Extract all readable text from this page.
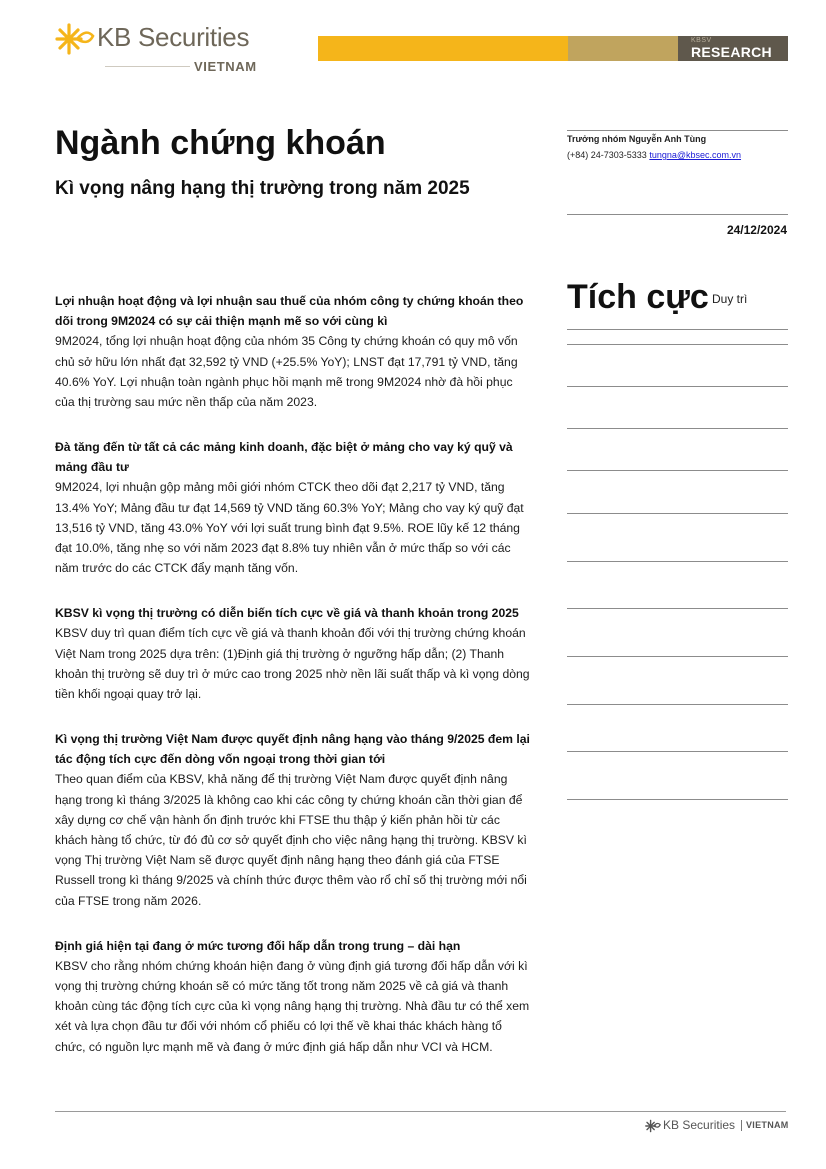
KB Securities
VIETNAM
KBSV
RESEARCH
Ngành chứng khoán
Kì vọng nâng hạng thị trường trong năm 2025
Trưởng nhóm Nguyễn Anh Tùng
(+84) 24-7303-5333 tungna@kbsec.com.vn
24/12/2024
Tích cực Duy trì
Lợi nhuận hoạt động và lợi nhuận sau thuế của nhóm công ty chứng khoán theo dõi trong 9M2024 có sự cải thiện mạnh mẽ so với cùng kì

9M2024, tổng lợi nhuận hoạt động của nhóm 35 Công ty chứng khoán có quy mô vốn chủ sở hữu lớn nhất đạt 32,592 tỷ VND (+25.5% YoY); LNST đạt 17,791 tỷ VND, tăng 40.6% YoY. Lợi nhuận toàn ngành phục hồi mạnh mẽ trong 9M2024 nhờ đà hồi phục của thị trường sau mức nền thấp của năm 2023.

Đà tăng đến từ tất cả các mảng kinh doanh, đặc biệt ở mảng cho vay ký quỹ và mảng đầu tư

9M2024, lợi nhuận gộp mảng môi giới nhóm CTCK theo dõi đạt 2,217 tỷ VND, tăng 13.4% YoY; Mảng đầu tư đạt 14,569 tỷ VND tăng 60.3% YoY; Mảng cho vay ký quỹ đạt 13,516 tỷ VND, tăng 43.0% YoY với lợi suất trung bình đạt 9.5%. ROE lũy kế 12 tháng đạt 10.0%, tăng nhẹ so với năm 2023 đạt 8.8% tuy nhiên vẫn ở mức thấp so với các năm trước do các CTCK đẩy mạnh tăng vốn.

KBSV kì vọng thị trường có diễn biến tích cực về giá và thanh khoản trong 2025

KBSV duy trì quan điểm tích cực về giá và thanh khoản đối với thị trường chứng khoán Việt Nam trong 2025 dựa trên: (1)Định giá thị trường ở ngưỡng hấp dẫn; (2) Thanh khoản thị trường sẽ duy trì ở mức cao trong 2025 nhờ nền lãi suất thấp và kì vọng dòng tiền khối ngoại quay trở lại.

Kì vọng thị trường Việt Nam được quyết định nâng hạng vào tháng 9/2025 đem lại tác động tích cực đến dòng vốn ngoại trong thời gian tới

Theo quan điểm của KBSV, khả năng để thị trường Việt Nam được quyết định nâng hạng trong kì tháng 3/2025 là không cao khi các công ty chứng khoán cần thời gian để xây dựng cơ chế vận hành ổn định trước khi FTSE thu thập ý kiến phản hồi từ các khách hàng tổ chức, từ đó đủ cơ sở quyết định cho việc nâng hạng thị trường. KBSV kì vọng Thị trường Việt Nam sẽ được quyết định nâng hạng theo đánh giá của FTSE Russell trong kì tháng 9/2025 và chính thức được thêm vào rổ chỉ số thị trường mới nổi của FTSE trong năm 2026.

Định giá hiện tại đang ở mức tương đối hấp dẫn trong trung – dài hạn

KBSV cho rằng nhóm chứng khoán hiện đang ở vùng định giá tương đối hấp dẫn với kì vọng thị trường chứng khoán sẽ có mức tăng tốt trong năm 2025 về cả giá và thanh khoản cùng tác động tích cực của kì vọng nâng hạng thị trường. Nhà đầu tư có thể xem xét và lựa chọn đầu tư đối với nhóm cổ phiếu có lợi thế về khai thác khách hàng tổ chức, có nguồn lực mạnh mẽ và đang ở mức định giá hấp dẫn như VCI và HCM.

KB Securities VIETNAM
